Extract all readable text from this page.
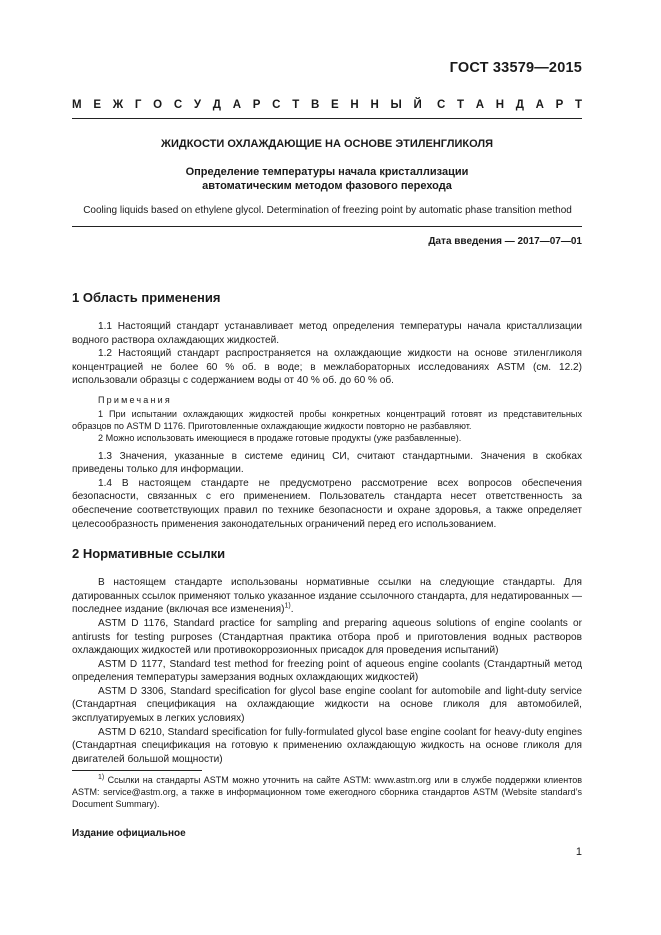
ГОСТ 33579—2015
М Е Ж Г О С У Д А Р С Т В Е Н Н Ы Й С Т А Н Д А Р Т
ЖИДКОСТИ ОХЛАЖДАЮЩИЕ НА ОСНОВЕ ЭТИЛЕНГЛИКОЛЯ
Определение температуры начала кристаллизации
автоматическим методом фазового перехода
Cooling liquids based on ethylene glycol. Determination of freezing point by automatic phase transition method
Дата введения — 2017—07—01
1 Область применения

1.1 Настоящий стандарт устанавливает метод определения температуры начала кристаллизации водного раствора охлаждающих жидкостей.

1.2 Настоящий стандарт распространяется на охлаждающие жидкости на основе этиленгликоля концентрацией не более 60 % об. в воде; в межлабораторных исследованиях ASTM (см. 12.2) использовали образцы с содержанием воды от 40 % об. до 60 % об.

Примечания

1 При испытании охлаждающих жидкостей пробы конкретных концентраций готовят из представительных образцов по ASTM D 1176. Приготовленные охлаждающие жидкости повторно не разбавляют.

2 Можно использовать имеющиеся в продаже готовые продукты (уже разбавленные).

1.3 Значения, указанные в системе единиц СИ, считают стандартными. Значения в скобках приведены только для информации.

1.4 В настоящем стандарте не предусмотрено рассмотрение всех вопросов обеспечения безопасности, связанных с его применением. Пользователь стандарта несет ответственность за обеспечение соответствующих правил по технике безопасности и охране здоровья, а также определяет целесообразность применения законодательных ограничений перед его использованием.

2 Нормативные ссылки

В настоящем стандарте использованы нормативные ссылки на следующие стандарты. Для датированных ссылок применяют только указанное издание ссылочного стандарта, для недатированных — последнее издание (включая все изменения)$^{1)}$.

ASTM D 1176, Standard practice for sampling and preparing aqueous solutions of engine coolants or antirusts for testing purposes (Стандартная практика отбора проб и приготовления водных растворов охлаждающих жидкостей или противокоррозионных присадок для проведения испытаний)

ASTM D 1177, Standard test method for freezing point of aqueous engine coolants (Стандартный метод определения температуры замерзания водных охлаждающих жидкостей)

ASTM D 3306, Standard specification for glycol base engine coolant for automobile and light-duty service (Стандартная спецификация на охлаждающие жидкости на основе гликоля для автомобилей, эксплуатируемых в легких условиях)

ASTM D 6210, Standard specification for fully-formulated glycol base engine coolant for heavy-duty engines (Стандартная спецификация на готовую к применению охлаждающую жидкость на основе гликоля для двигателей большой мощности)

$^{1)}$ Ссылки на стандарты ASTM можно уточнить на сайте ASTM: www.astm.org или в службе поддержки клиентов ASTM: service@astm.org, а также в информационном томе ежегодного сборника стандартов ASTM (Website standard’s Document Summary).

Издание официальное
1
